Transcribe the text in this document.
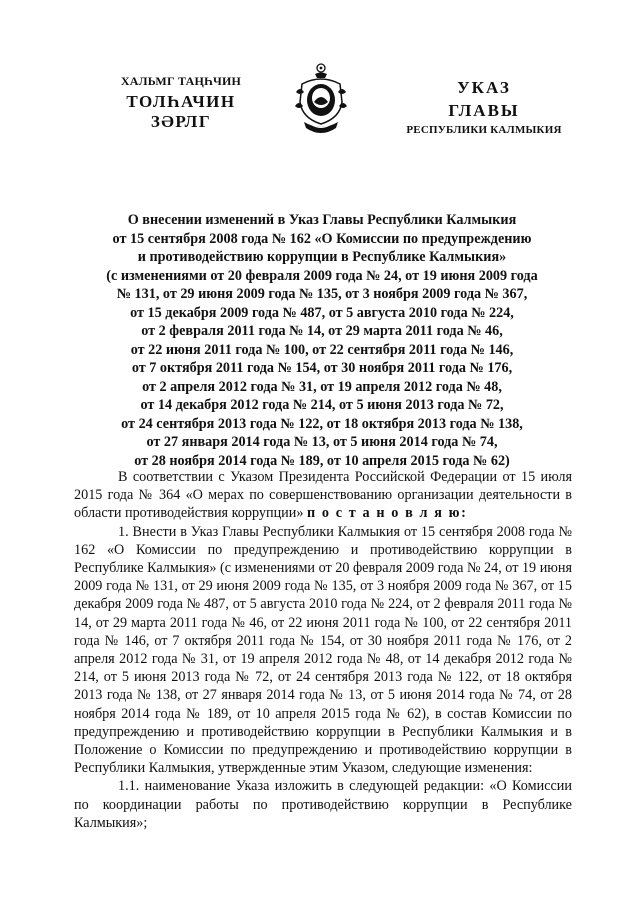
ХАЛЬМГ ТАҢҺЧИН
ТОЛҺАЧИН
ЗӘРЛГ
УКАЗ
ГЛАВЫ
РЕСПУБЛИКИ КАЛМЫКИЯ
О внесении изменений в Указ Главы Республики Калмыкия
от 15 сентября 2008 года № 162 «О Комиссии по предупреждению
и противодействию коррупции в Республике Калмыкия»
(с изменениями от 20 февраля 2009 года № 24, от 19 июня 2009 года
№ 131, от 29 июня 2009 года № 135, от 3 ноября 2009 года № 367,
от 15 декабря 2009 года № 487, от 5 августа 2010 года № 224,
от 2 февраля 2011 года № 14, от 29 марта 2011 года № 46,
от 22 июня 2011 года № 100, от 22 сентября 2011 года № 146,
от 7 октября 2011 года № 154, от 30 ноября 2011 года № 176,
от 2 апреля 2012 года № 31, от 19 апреля 2012 года № 48,
от 14 декабря 2012 года № 214, от 5 июня 2013 года № 72,
от 24 сентября 2013 года № 122, от 18 октября 2013 года № 138,
от 27 января 2014 года № 13, от 5 июня 2014 года № 74,
от 28 ноября 2014 года № 189, от 10 апреля 2015 года № 62)

В соответствии с Указом Президента Российской Федерации от 15 июля 2015 года № 364 «О мерах по совершенствованию организации деятельности в области противодействия коррупции» п о с т а н о в л я ю:

1. Внести в Указ Главы Республики Калмыкия от 15 сентября 2008 года № 162 «О Комиссии по предупреждению и противодействию коррупции в Республике Калмыкия» (с изменениями от 20 февраля 2009 года № 24, от 19 июня 2009 года № 131, от 29 июня 2009 года № 135, от 3 ноября 2009 года № 367, от 15 декабря 2009 года № 487, от 5 августа 2010 года № 224, от 2 февраля 2011 года № 14, от 29 марта 2011 года № 46, от 22 июня 2011 года № 100, от 22 сентября 2011 года № 146, от 7 октября 2011 года № 154, от 30 ноября 2011 года № 176, от 2 апреля 2012 года № 31, от 19 апреля 2012 года № 48, от 14 декабря 2012 года № 214, от 5 июня 2013 года № 72, от 24 сентября 2013 года № 122, от 18 октября 2013 года № 138, от 27 января 2014 года № 13, от 5 июня 2014 года № 74, от 28 ноября 2014 года № 189, от 10 апреля 2015 года № 62), в состав Комиссии по предупреждению и противодействию коррупции в Республики Калмыкия и в Положение о Комиссии по предупреждению и противодействию коррупции в Республики Калмыкия, утвержденные этим Указом, следующие изменения:

1.1. наименование Указа изложить в следующей редакции: «О Комиссии по координации работы по противодействию коррупции в Республике Калмыкия»;
